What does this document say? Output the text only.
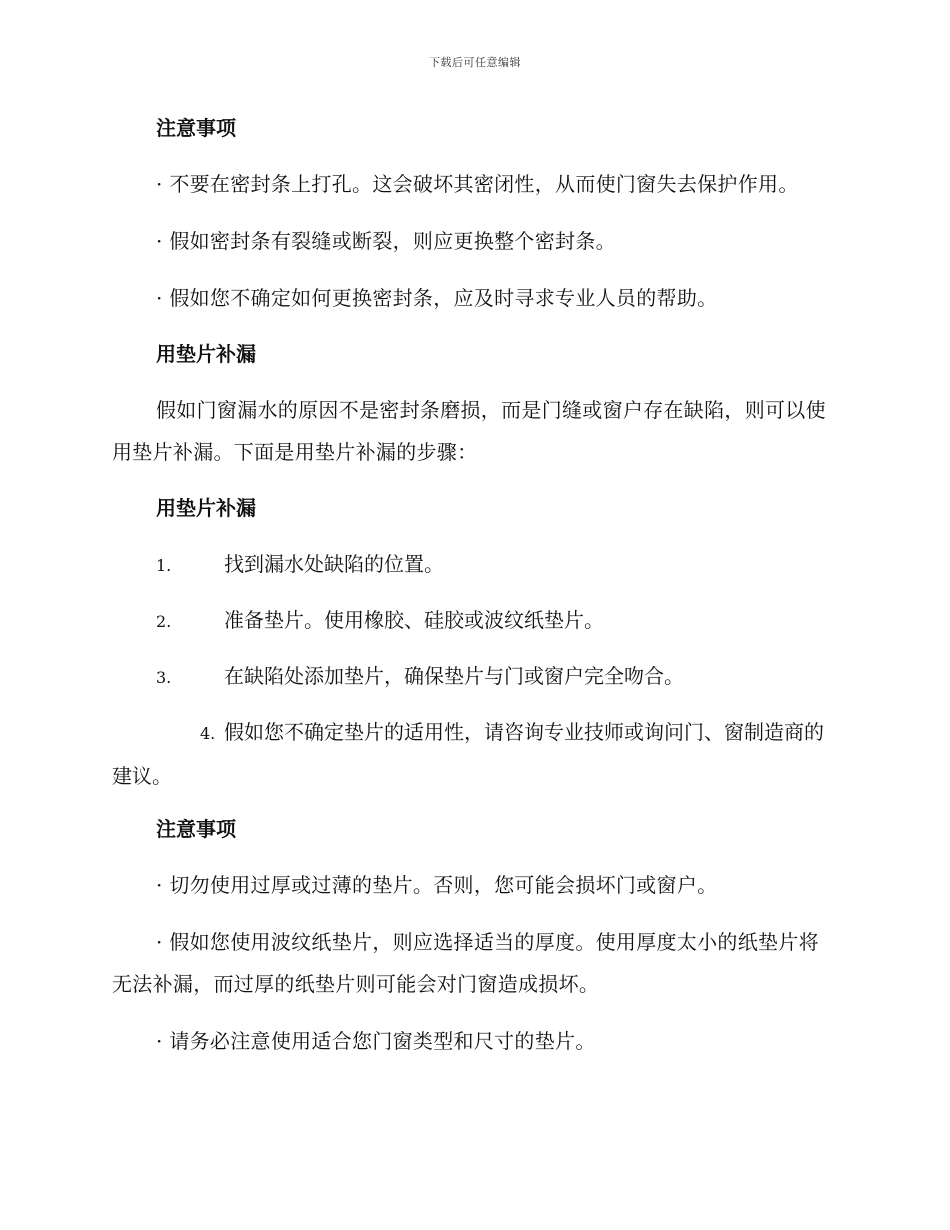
下载后可任意编辑
注意事项
· 不要在密封条上打孔。这会破坏其密闭性，从而使门窗失去保护作用。
· 假如密封条有裂缝或断裂，则应更换整个密封条。
· 假如您不确定如何更换密封条，应及时寻求专业人员的帮助。
用垫片补漏
假如门窗漏水的原因不是密封条磨损，而是门缝或窗户存在缺陷，则可以使用垫片补漏。下面是用垫片补漏的步骤：
用垫片补漏
1.	找到漏水处缺陷的位置。
2.	准备垫片。使用橡胶、硅胶或波纹纸垫片。
3.	在缺陷处添加垫片，确保垫片与门或窗户完全吻合。
4. 假如您不确定垫片的适用性，请咨询专业技师或询问门、窗制造商的建议。
注意事项
· 切勿使用过厚或过薄的垫片。否则，您可能会损坏门或窗户。
· 假如您使用波纹纸垫片，则应选择适当的厚度。使用厚度太小的纸垫片将无法补漏，而过厚的纸垫片则可能会对门窗造成损坏。
· 请务必注意使用适合您门窗类型和尺寸的垫片。
